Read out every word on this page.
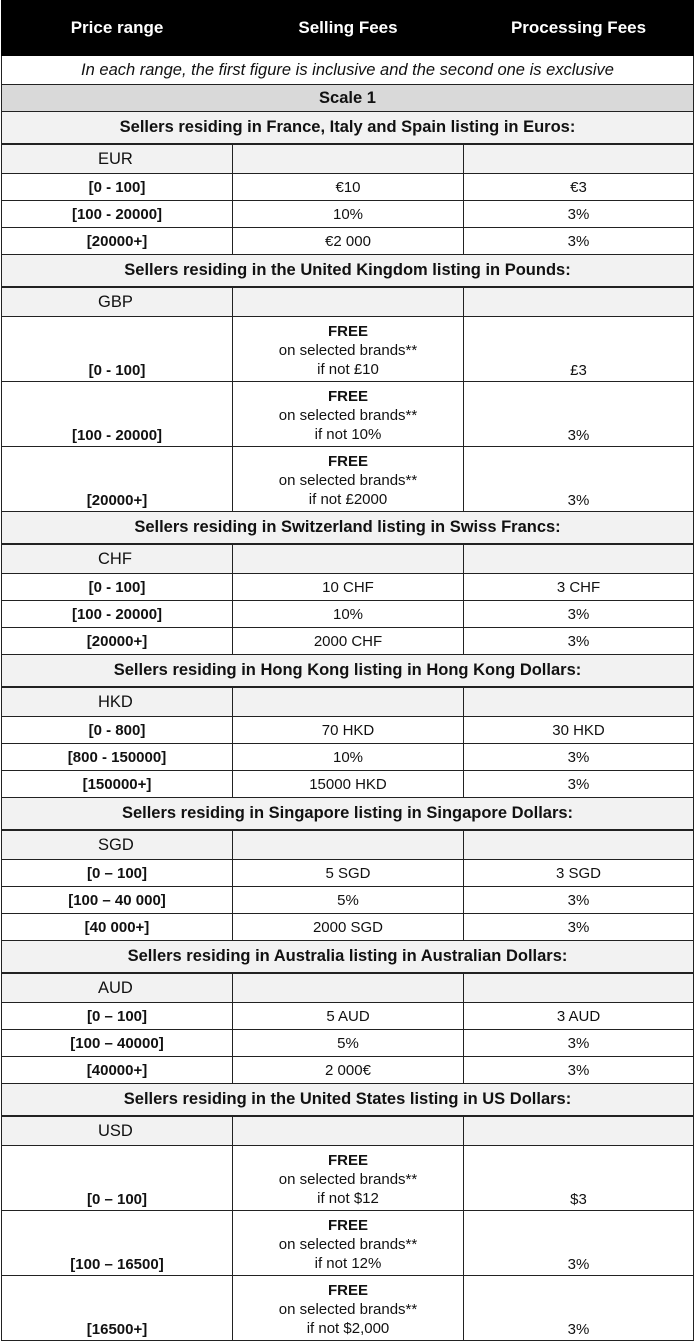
Price range	Selling Fees	Processing Fees
In each range, the first figure is inclusive and the second one is exclusive		
Scale 1		
Sellers residing in France, Italy and Spain listing in Euros:		
EUR		
[0 - 100]	€10	€3
[100 - 20000]	10%	3%
[20000+]	€2 000	3%
Sellers residing in the United Kingdom listing in Pounds:		
GBP		
[0 - 100]	FREE
on selected brands**
if not £10	£3
[100 - 20000]	FREE
on selected brands**
if not 10%	3%
[20000+]	FREE
on selected brands**
if not £2000	3%
Sellers residing in Switzerland listing in Swiss Francs:		
CHF		
[0 - 100]	10 CHF	3 CHF
[100 - 20000]	10%	3%
[20000+]	2000 CHF	3%
Sellers residing in Hong Kong listing in Hong Kong Dollars:		
HKD		
[0 - 800]	70 HKD	30 HKD
[800 - 150000]	10%	3%
[150000+]	15000 HKD	3%
Sellers residing in Singapore listing in Singapore Dollars:		
SGD		
[0 – 100]	5 SGD	3 SGD
[100 – 40 000]	5%	3%
[40 000+]	2000 SGD	3%
Sellers residing in Australia listing in Australian Dollars:		
AUD		
[0 – 100]	5 AUD	3 AUD
[100 – 40000]	5%	3%
[40000+]	2 000€	3%
Sellers residing in the United States listing in US Dollars:		
USD		
[0 – 100]	FREE
on selected brands**
if not $12	$3
[100 – 16500]	FREE
on selected brands**
if not 12%	3%
[16500+]	FREE
on selected brands**
if not $2,000	3%
